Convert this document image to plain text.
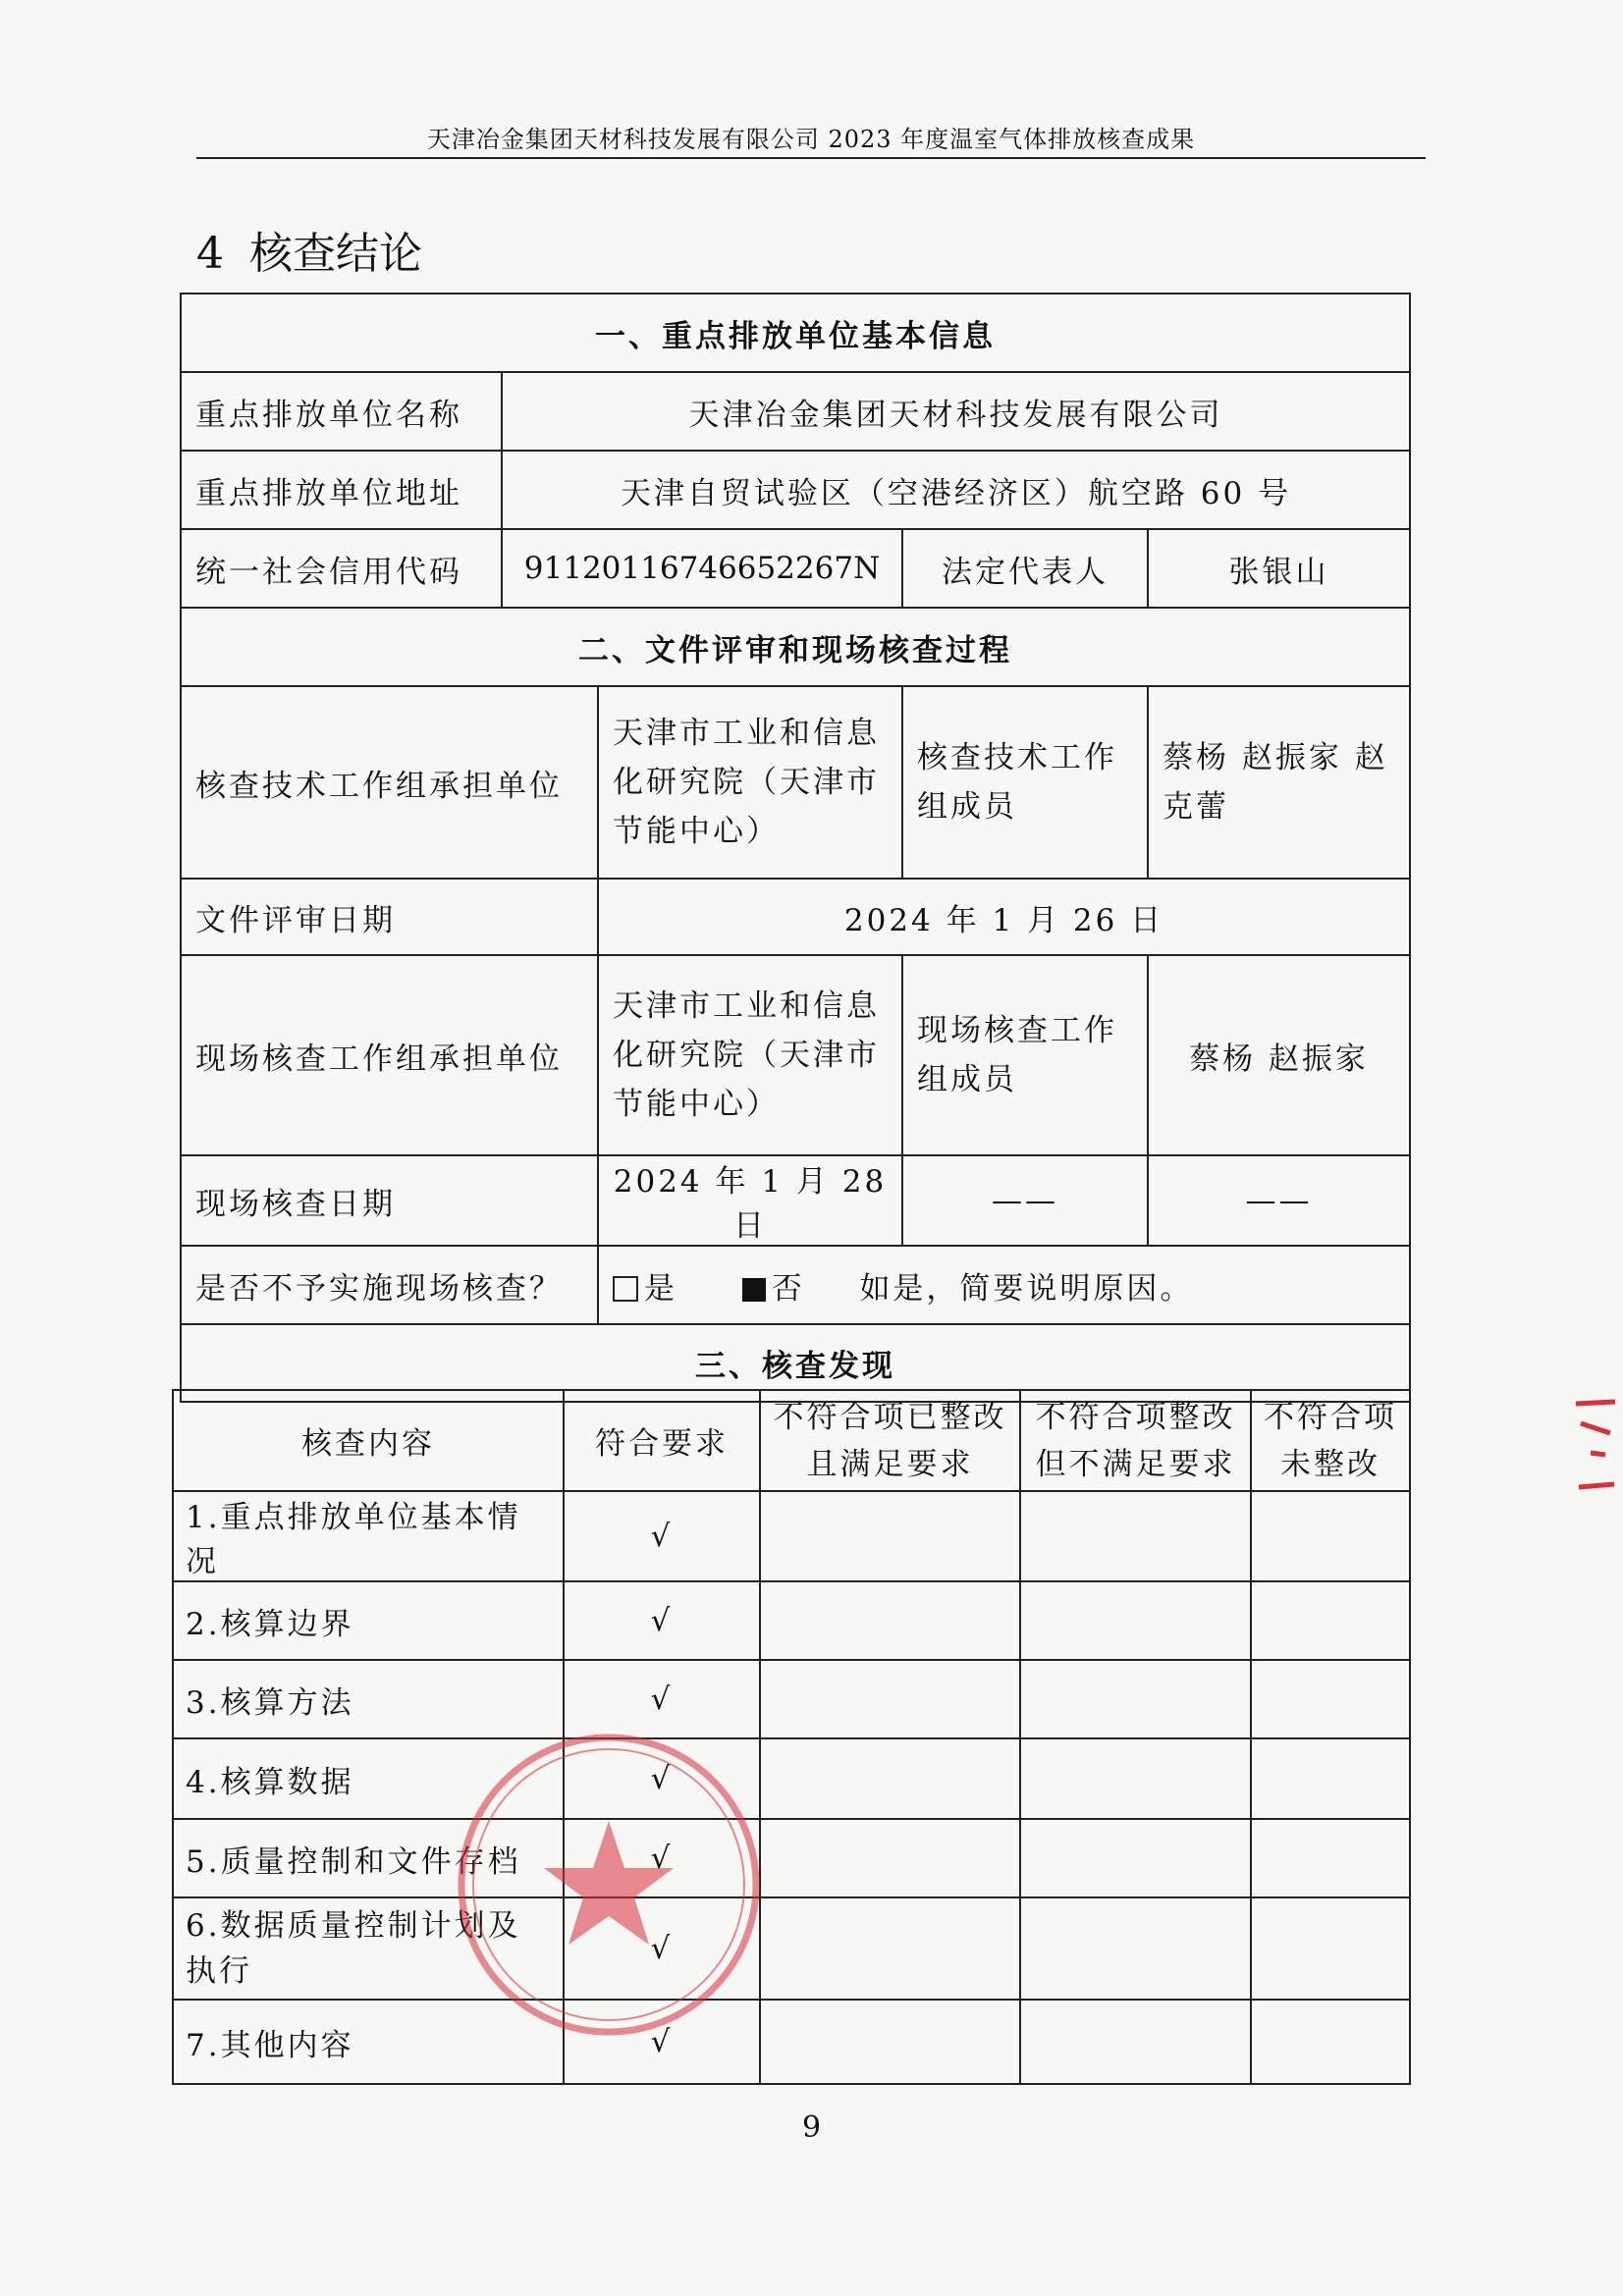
天津冶金集团天材科技发展有限公司 2023 年度温室气体排放核查成果
4 核查结论
一、重点排放单位基本信息				
重点排放单位名称	天津冶金集团天材科技发展有限公司			
重点排放单位地址	天津自贸试验区（空港经济区）航空路 60 号			
统一社会信用代码	91120116746652267N		法定代表人	张银山
二、文件评审和现场核查过程				
核查技术工作组承担单位		天津市工业和信息化研究院（天津市节能中心）	核查技术工作组成员	蔡杨 赵振家 赵克蕾
文件评审日期		2024 年 1 月 26 日		
现场核查工作组承担单位		天津市工业和信息化研究院（天津市节能中心）	现场核查工作组成员	蔡杨 赵振家
现场核查日期		2024 年 1 月 28 日	——	——
是否不予实施现场核查？		是 否 如是，简要说明原因。		
三、核查发现				
核查内容	符合要求	不符合项已整改且满足要求	不符合项整改但不满足要求	不符合项未整改
1.重点排放单位基本情况	√			
2.核算边界	√			
3.核算方法	√			
4.核算数据	√			
5.质量控制和文件存档	√			
6.数据质量控制计划及执行	√			
7.其他内容	√			
9
